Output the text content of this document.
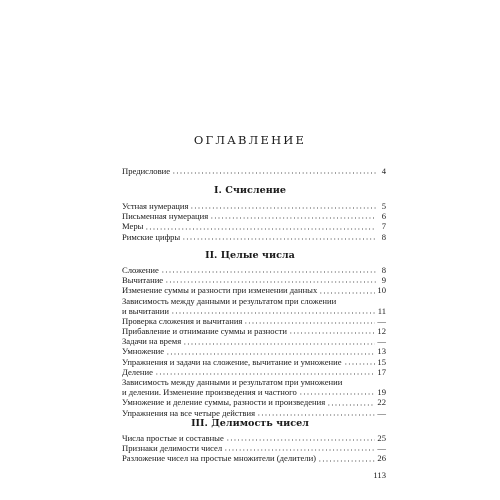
ОГЛАВЛЕНИЕ
Предисловие	4
I. Счисление
Устная нумерация	5
Письменная нумерация	6
Меры	7
Римские цифры	8
II. Целые числа
Сложение	8
Вычитание	9
Изменение суммы и разности при изменении данных	10
Зависимость между данными и результатом при сложении
и вычитании	11
Проверка сложения и вычитания	—
Прибавление и отнимание суммы и разности	12
Задачи на время	—
Умножение	13
Упражнения и задачи на сложение, вычитание и умножение	15
Деление	17
Зависимость между данными и результатом при умножении
и делении. Изменение произведения и частного	19
Умножение и деление суммы, разности и произведения	22
Упражнения на все четыре действия	—
III. Делимость чисел
Числа простые и составные	25
Признаки делимости чисел	—
Разложение чисел на простые множители (делители)	26
113
